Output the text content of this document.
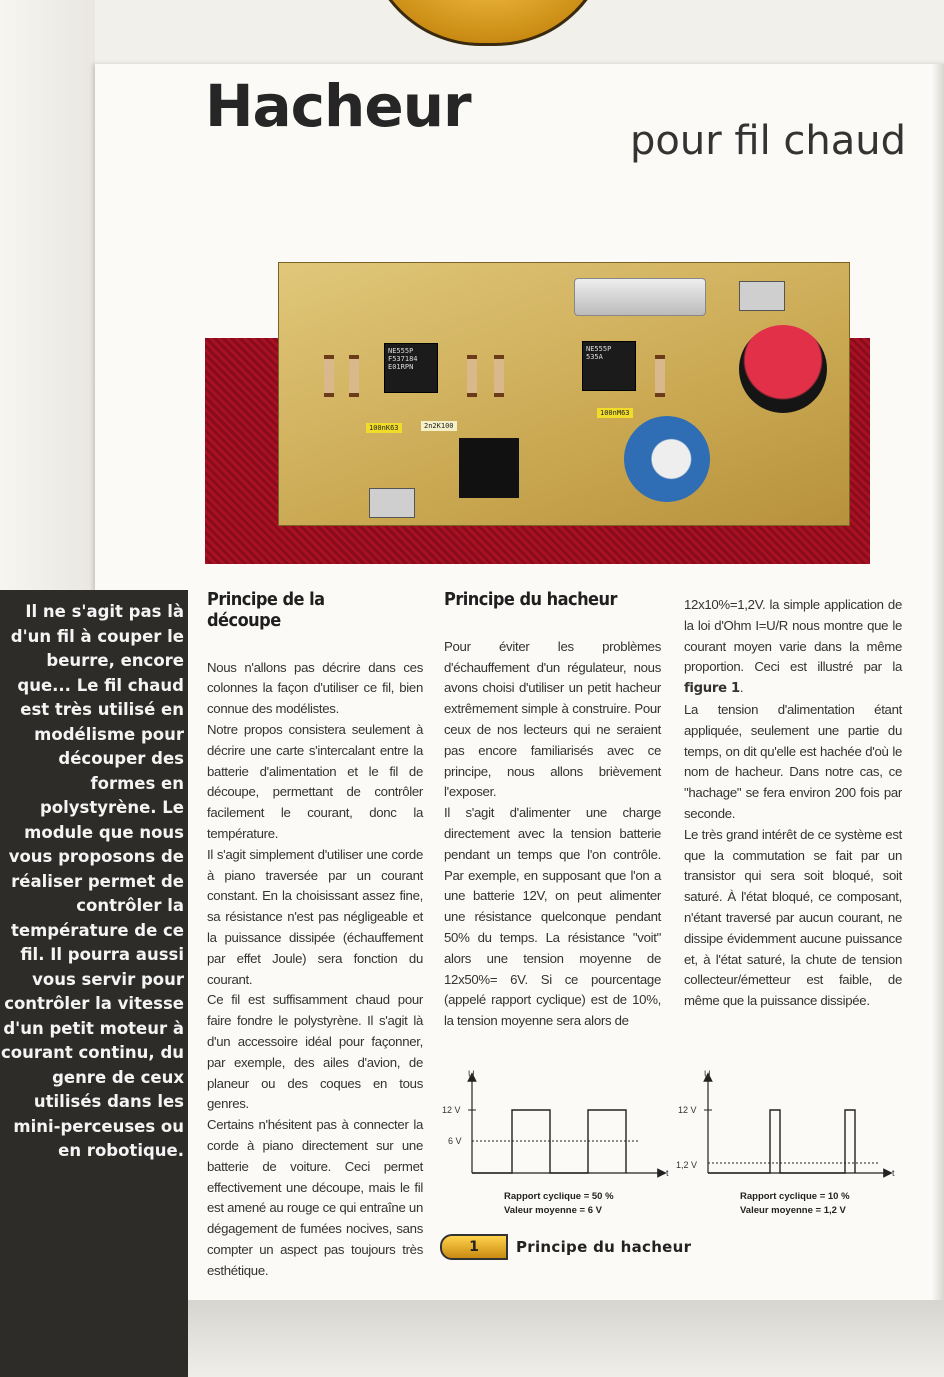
Hacheur
pour fil chaud
NE555P F537184 E01RPN
NE555P 535A
100nK63	2n2K100
100nM63

Il ne s'agit pas là d'un fil à couper le beurre, encore que... Le fil chaud est très utilisé en modélisme pour découper des formes en polystyrène. Le module que nous vous proposons de réaliser permet de contrôler la température de ce fil. Il pourra aussi vous servir pour contrôler la vitesse d'un petit moteur à courant continu, du genre de ceux utilisés dans les mini-perceuses ou en robotique.

Principe de la découpe

Nous n'allons pas décrire dans ces colonnes la façon d'utiliser ce fil, bien connue des modélistes.

Notre propos consistera seulement à décrire une carte s'intercalant entre la batterie d'alimentation et le fil de découpe, permettant de contrôler facilement le courant, donc la température.

Il s'agit simplement d'utiliser une corde à piano traversée par un courant constant. En la choisissant assez fine, sa résistance n'est pas négligeable et la puissance dissipée (échauffement par effet Joule) sera fonction du courant.

Ce fil est suffisamment chaud pour faire fondre le polystyrène. Il s'agit là d'un accessoire idéal pour façonner, par exemple, des ailes d'avion, de planeur ou des coques en tous genres.

Certains n'hésitent pas à connecter la corde à piano directement sur une batterie de voiture. Ceci permet effectivement une découpe, mais le fil est amené au rouge ce qui entraîne un dégagement de fumées nocives, sans compter un aspect pas toujours très esthétique.

Principe du hacheur

Pour éviter les problèmes d'échauffement d'un régulateur, nous avons choisi d'utiliser un petit hacheur extrêmement simple à construire. Pour ceux de nos lecteurs qui ne seraient pas encore familiarisés avec ce principe, nous allons brièvement l'exposer.

Il s'agit d'alimenter une charge directement avec la tension batterie pendant un temps que l'on contrôle. Par exemple, en supposant que l'on a une batterie 12V, on peut alimenter une résistance quelconque pendant 50% du temps. La résistance "voit" alors une tension moyenne de 12x50%= 6V. Si ce pourcentage (appelé rapport cyclique) est de 10%, la tension moyenne sera alors de

12x10%=1,2V. la simple application de la loi d'Ohm I=U/R nous montre que le courant moyen varie dans la même proportion. Ceci est illustré par la figure 1.

La tension d'alimentation étant appliquée, seulement une partie du temps, on dit qu'elle est hachée d'où le nom de hacheur. Dans notre cas, ce "hachage" se fera environ 200 fois par seconde.

Le très grand intérêt de ce système est que la commutation se fait par un transistor qui sera soit bloqué, soit saturé. À l'état bloqué, ce composant, n'étant traversé par aucun courant, ne dissipe évidemment aucune puissance et, à l'état saturé, la chute de tension collecteur/émetteur est faible, de même que la puissance dissipée.

U
t
12 V
6 V
Rapport cyclique = 50 %
Valeur moyenne = 6 V
U
t
12 V
1,2 V
Rapport cyclique = 10 %
Valeur moyenne = 1,2 V
1	Principe du hacheur
